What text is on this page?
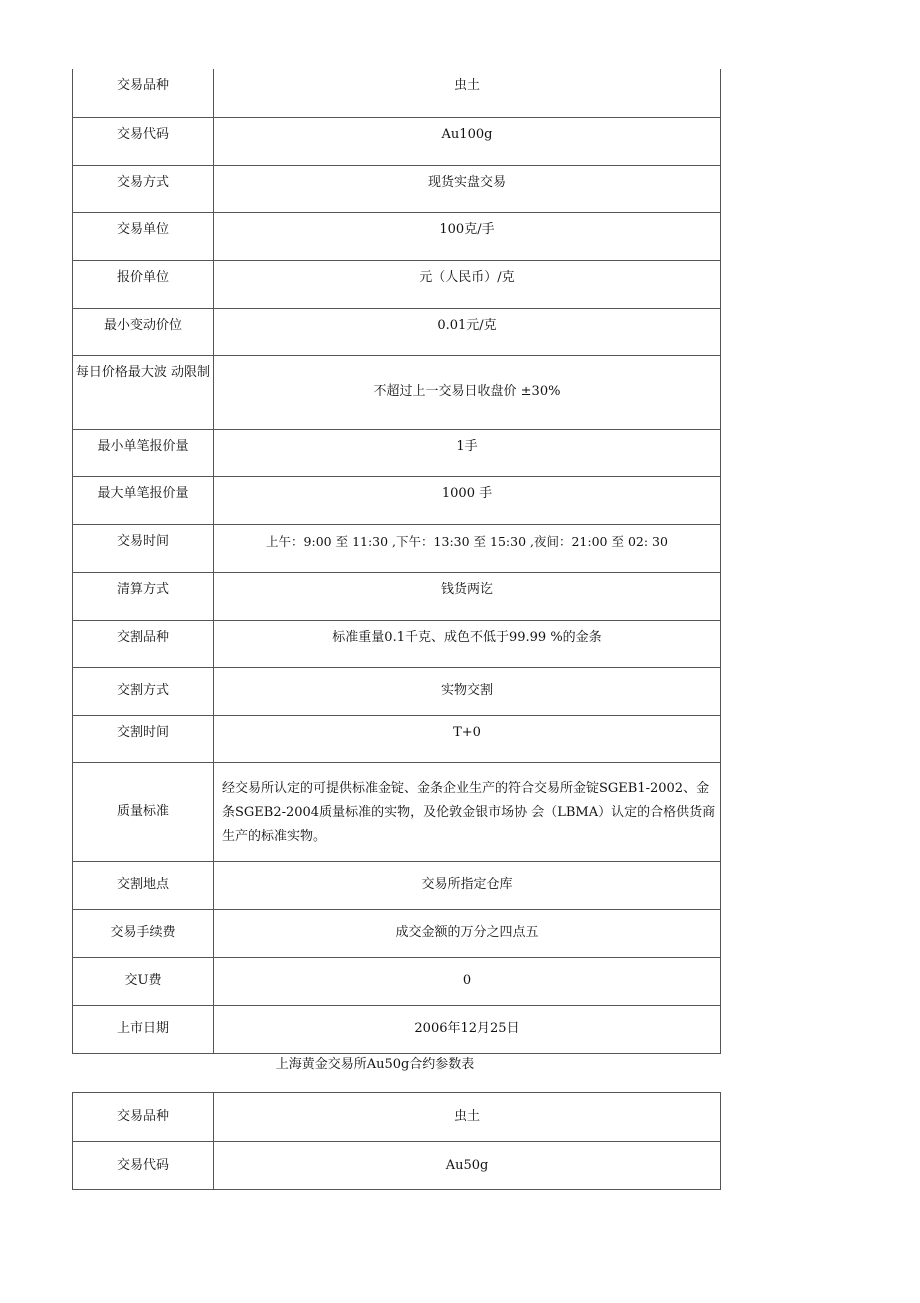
交易品种	虫土
交易代码	Au100g
交易方式	现货实盘交易
交易单位	100克/手
报价单位	元（人民币）/克
最小变动价位	0.01元/克
每日价格最大波 动限制	不超过上一交易日收盘价 ±30%
最小单笔报价量	1手
最大单笔报价量	1000 手
交易时间	上午：9:00 至 11:30 ,下午：13:30 至 15:30 ,夜间：21:00 至 02: 30
清算方式	钱货两讫
交割品种	标准重量0.1千克、成色不低于99.99 %的金条
交割方式	实物交割
交割时间	T+0
质量标准	经交易所认定的可提供标准金锭、金条企业生产的符合交易所金锭SGEB1-2002、金条SGEB2-2004质量标准的实物，及伦敦金银市场协 会（LBMA）认定的合格供货商生产的标准实物。
交割地点	交易所指定仓库
交易手续费	成交金额的万分之四点五
交U费	0
上市日期	2006年12月25日
上海黄金交易所Au50g合约参数表
交易品种	虫土
交易代码	Au50g
